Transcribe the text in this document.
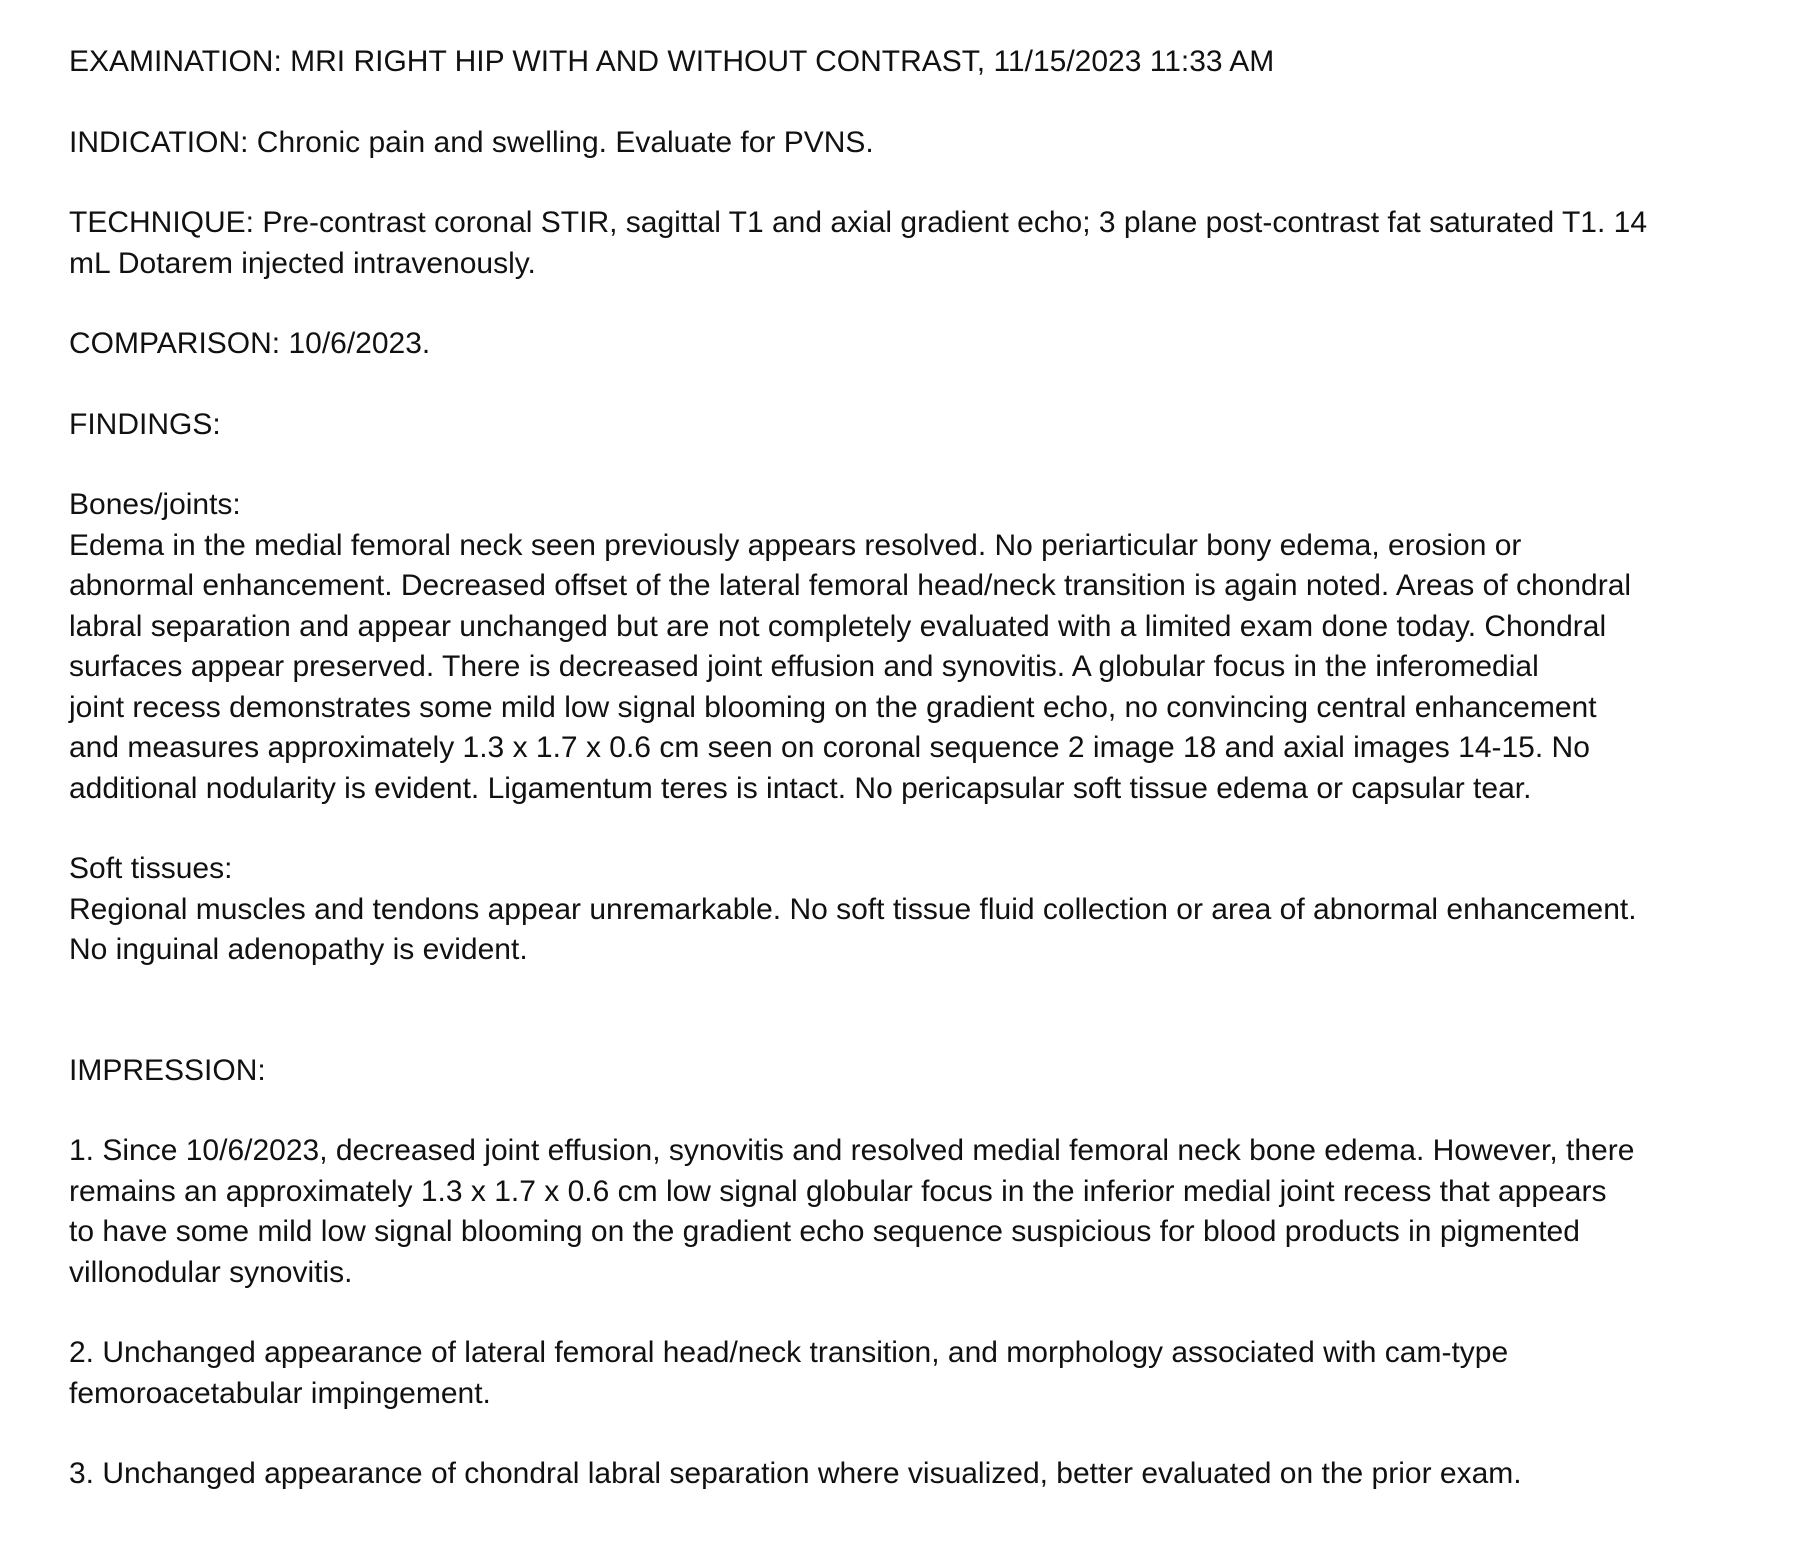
EXAMINATION: MRI RIGHT HIP WITH AND WITHOUT CONTRAST, 11/15/2023 11:33 AM

INDICATION: Chronic pain and swelling. Evaluate for PVNS.

TECHNIQUE: Pre-contrast coronal STIR, sagittal T1 and axial gradient echo; 3 plane post-contrast fat saturated T1. 14
mL Dotarem injected intravenously.

COMPARISON: 10/6/2023.

FINDINGS:

Bones/joints:
Edema in the medial femoral neck seen previously appears resolved. No periarticular bony edema, erosion or
abnormal enhancement. Decreased offset of the lateral femoral head/neck transition is again noted. Areas of chondral
labral separation and appear unchanged but are not completely evaluated with a limited exam done today. Chondral
surfaces appear preserved. There is decreased joint effusion and synovitis. A globular focus in the inferomedial
joint recess demonstrates some mild low signal blooming on the gradient echo, no convincing central enhancement
and measures approximately 1.3 x 1.7 x 0.6 cm seen on coronal sequence 2 image 18 and axial images 14-15. No
additional nodularity is evident. Ligamentum teres is intact. No pericapsular soft tissue edema or capsular tear.
Soft tissues:
Regional muscles and tendons appear unremarkable. No soft tissue fluid collection or area of abnormal enhancement.
No inguinal adenopathy is evident.

IMPRESSION:

1. Since 10/6/2023, decreased joint effusion, synovitis and resolved medial femoral neck bone edema. However, there
remains an approximately 1.3 x 1.7 x 0.6 cm low signal globular focus in the inferior medial joint recess that appears
to have some mild low signal blooming on the gradient echo sequence suspicious for blood products in pigmented
villonodular synovitis.
2. Unchanged appearance of lateral femoral head/neck transition, and morphology associated with cam-type
femoroacetabular impingement.
3. Unchanged appearance of chondral labral separation where visualized, better evaluated on the prior exam.
